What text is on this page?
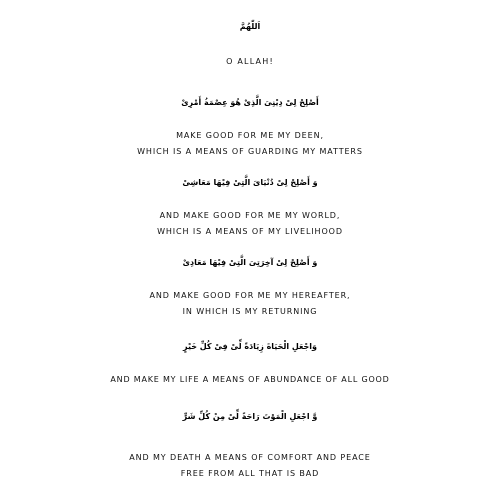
اَللّٰهُمَّ
O ALLAH!
أَصْلِحْ لِىْ دِيْنِىَ الَّذِىْ هُوَ عِصْمَةُ أَمْرِىْ
MAKE GOOD FOR ME MY DEEN,
WHICH IS A MEANS OF GUARDING MY MATTERS
وَ أَصْلِحْ لِىْ دُنْيَاىَ الَّتِىْ فِيْهَا مَعَاشِىْ
AND MAKE GOOD FOR ME MY WORLD,
WHICH IS A MEANS OF MY LIVELIHOOD
وَ أَصْلِحْ لِىْ آخِرَتِىَ الَّتِىْ فِيْهَا مَعَادِىْ
AND MAKE GOOD FOR ME MY HEREAFTER,
IN WHICH IS MY RETURNING
وَاجْعَلِ الْحَيَاةَ زِيَادَةً لِّىْ فِىْ كُلِّ خَيْرٍ
AND MAKE MY LIFE A MEANS OF ABUNDANCE OF ALL GOOD
وَّ اجْعَلِ الْمَوْتَ رَاحَةً لِّىْ مِنْ كُلِّ شَرٍّ
AND MY DEATH A MEANS OF COMFORT AND PEACE
FREE FROM ALL THAT IS BAD
